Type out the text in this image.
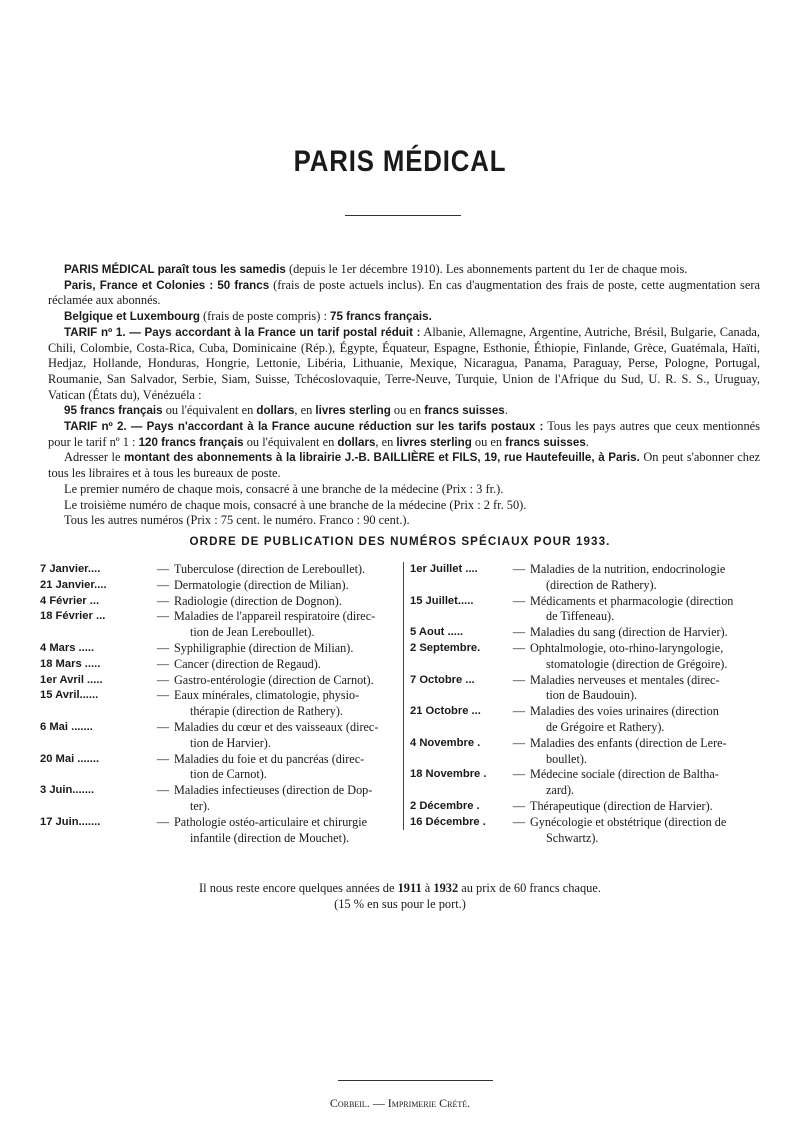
PARIS MÉDICAL

PARIS MÉDICAL paraît tous les samedis (depuis le 1er décembre 1910). Les abonnements partent du 1er de chaque mois.

Paris, France et Colonies : 50 francs (frais de poste actuels inclus). En cas d'augmentation des frais de poste, cette augmentation sera réclamée aux abonnés.

Belgique et Luxembourg (frais de poste compris) : 75 francs français.

TARIF nº 1. — Pays accordant à la France un tarif postal réduit : Albanie, Allemagne, Argentine, Autriche, Brésil, Bulgarie, Canada, Chili, Colombie, Costa-Rica, Cuba, Dominicaine (Rép.), Égypte, Équateur, Espagne, Esthonie, Éthiopie, Finlande, Grèce, Guatémala, Haïti, Hedjaz, Hollande, Honduras, Hongrie, Lettonie, Libéria, Lithuanie, Mexique, Nicaragua, Panama, Paraguay, Perse, Pologne, Portugal, Roumanie, San Salvador, Serbie, Siam, Suisse, Tchécoslovaquie, Terre-Neuve, Turquie, Union de l'Afrique du Sud, U. R. S. S., Uruguay, Vatican (États du), Vénézuéla :

95 francs français ou l'équivalent en dollars, en livres sterling ou en francs suisses.

TARIF nº 2. — Pays n'accordant à la France aucune réduction sur les tarifs postaux : Tous les pays autres que ceux mentionnés pour le tarif nº 1 : 120 francs français ou l'équivalent en dollars, en livres sterling ou en francs suisses.

Adresser le montant des abonnements à la librairie J.-B. BAILLIÈRE et FILS, 19, rue Hautefeuille, à Paris. On peut s'abonner chez tous les libraires et à tous les bureaux de poste.

Le premier numéro de chaque mois, consacré à une branche de la médecine (Prix : 3 fr.).

Le troisième numéro de chaque mois, consacré à une branche de la médecine (Prix : 2 fr. 50).

Tous les autres numéros (Prix : 75 cent. le numéro. Franco : 90 cent.).

ORDRE DE PUBLICATION DES NUMÉROS SPÉCIAUX POUR 1933.
7 Janvier....	— Tuberculose (direction de Lereboullet).
21 Janvier....	— Dermatologie (direction de Milian).
4 Février ...	— Radiologie (direction de Dognon).
18 Février ...	— Maladies de l'appareil respiratoire (direc-
tion de Jean Lereboullet).
4 Mars .....	— Syphiligraphie (direction de Milian).
18 Mars .....	— Cancer (direction de Regaud).
1er Avril .....	— Gastro-entérologie (direction de Carnot).
15 Avril......	— Eaux minérales, climatologie, physio-
thérapie (direction de Rathery).
6 Mai .......	— Maladies du cœur et des vaisseaux (direc-
tion de Harvier).
20 Mai .......	— Maladies du foie et du pancréas (direc-
tion de Carnot).
3 Juin.......	— Maladies infectieuses (direction de Dop-
ter).
17 Juin.......	— Pathologie ostéo-articulaire et chirurgie
infantile (direction de Mouchet).
1er Juillet ....	— Maladies de la nutrition, endocrinologie
(direction de Rathery).
15 Juillet.....	— Médicaments et pharmacologie (direction
de Tiffeneau).
5 Aout .....	— Maladies du sang (direction de Harvier).
2 Septembre.	— Ophtalmologie, oto-rhino-laryngologie,
stomatologie (direction de Grégoire).
7 Octobre ...	— Maladies nerveuses et mentales (direc-
tion de Baudouin).
21 Octobre ...	— Maladies des voies urinaires (direction
de Grégoire et Rathery).
4 Novembre .	— Maladies des enfants (direction de Lere-
boullet).
18 Novembre .	— Médecine sociale (direction de Baltha-
zard).
2 Décembre .	— Thérapeutique (direction de Harvier).
16 Décembre .	— Gynécologie et obstétrique (direction de
Schwartz).
Il nous reste encore quelques années de 1911 à 1932 au prix de 60 francs chaque.
(15 % en sus pour le port.)
Corbeil. — Imprimerie Crété.
